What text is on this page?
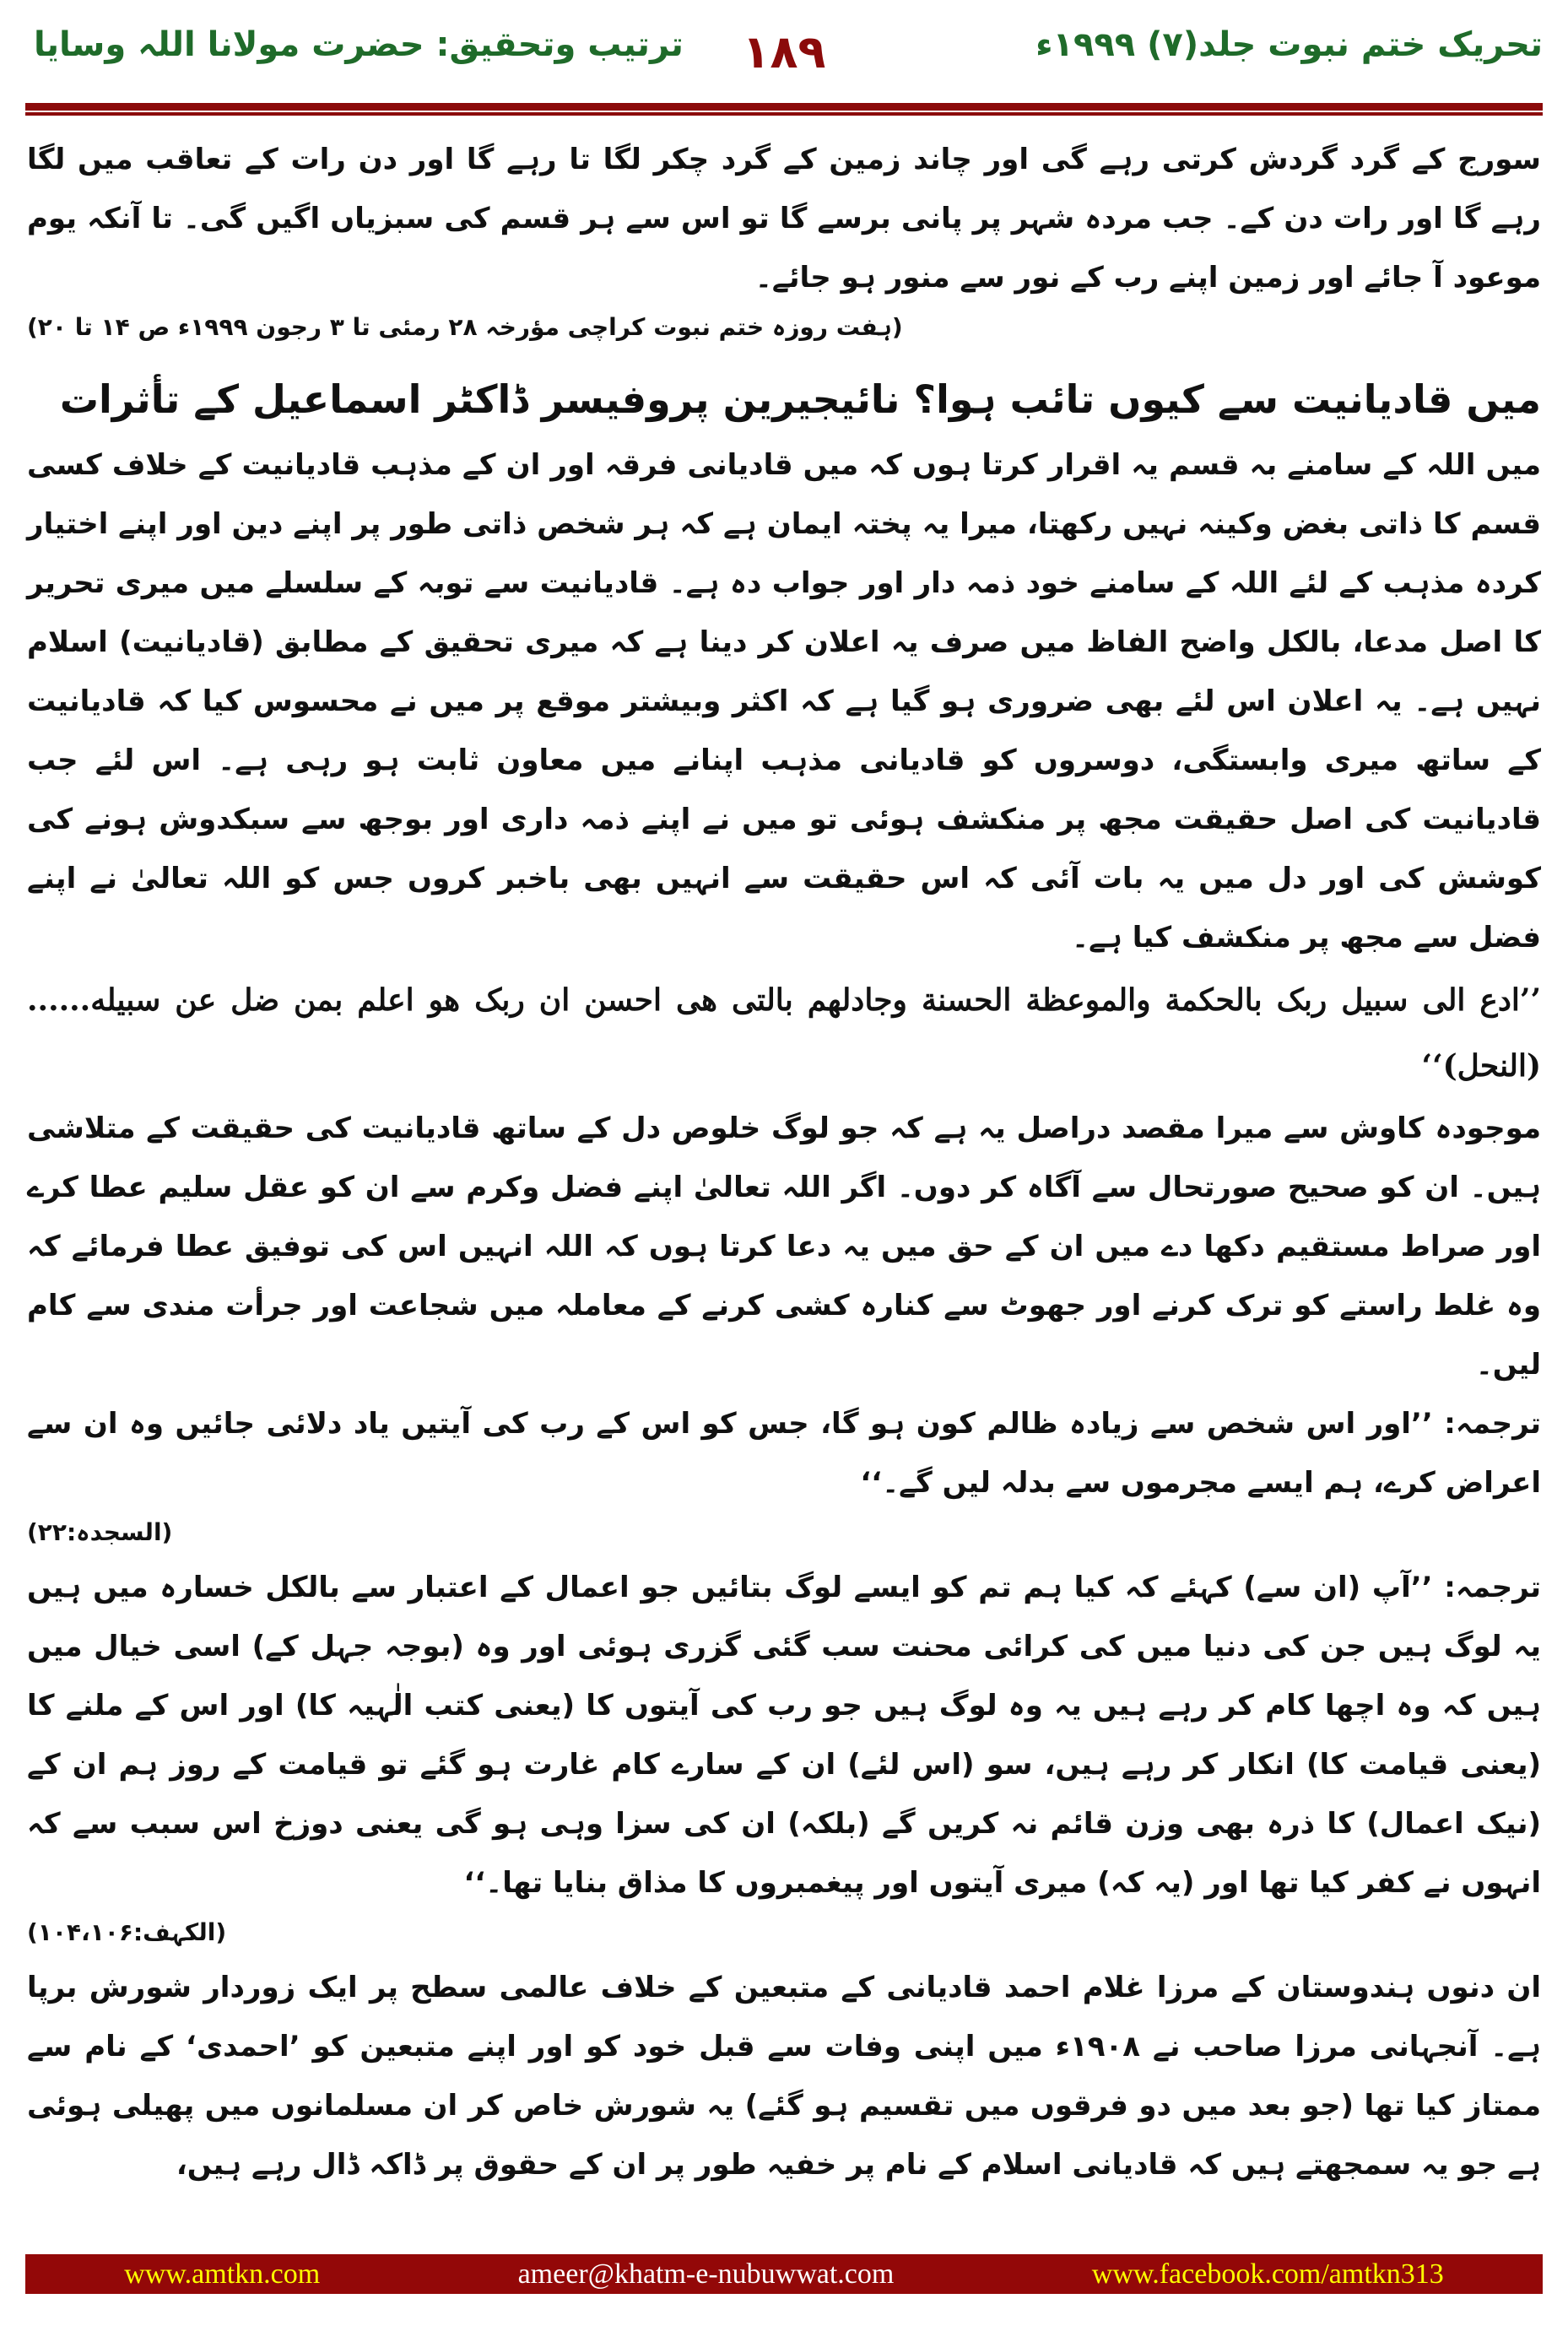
تحریک ختم نبوت جلد(۷) ۱۹۹۹ء
۱۸۹
ترتیب وتحقیق: حضرت مولانا اللہ وسایا

سورج کے گرد گردش کرتی رہے گی اور چاند زمین کے گرد چکر لگا تا رہے گا اور دن رات کے تعاقب میں لگا رہے گا اور رات دن کے۔ جب مردہ شہر پر پانی برسے گا تو اس سے ہر قسم کی سبزیاں اگیں گی۔ تا آنکہ یوم موعود آ جائے اور زمین اپنے رب کے نور سے منور ہو جائے۔

(ہفت روزہ ختم نبوت کراچی مؤرخہ ۲۸ رمئی تا ۳ رجون ۱۹۹۹ء ص ۱۴ تا ۲۰)

میں قادیانیت سے کیوں تائب ہوا؟ نائیجیرین پروفیسر ڈاکٹر اسماعیل کے تأثرات

میں اللہ کے سامنے بہ قسم یہ اقرار کرتا ہوں کہ میں قادیانی فرقہ اور ان کے مذہب قادیانیت کے خلاف کسی قسم کا ذاتی بغض وکینہ نہیں رکھتا، میرا یہ پختہ ایمان ہے کہ ہر شخص ذاتی طور پر اپنے دین اور اپنے اختیار کردہ مذہب کے لئے اللہ کے سامنے خود ذمہ دار اور جواب دہ ہے۔ قادیانیت سے توبہ کے سلسلے میں میری تحریر کا اصل مدعا، بالکل واضح الفاظ میں صرف یہ اعلان کر دینا ہے کہ میری تحقیق کے مطابق (قادیانیت) اسلام نہیں ہے۔ یہ اعلان اس لئے بھی ضروری ہو گیا ہے کہ اکثر وبیشتر موقع پر میں نے محسوس کیا کہ قادیانیت کے ساتھ میری وابستگی، دوسروں کو قادیانی مذہب اپنانے میں معاون ثابت ہو رہی ہے۔ اس لئے جب قادیانیت کی اصل حقیقت مجھ پر منکشف ہوئی تو میں نے اپنے ذمہ داری اور بوجھ سے سبکدوش ہونے کی کوشش کی اور دل میں یہ بات آئی کہ اس حقیقت سے انہیں بھی باخبر کروں جس کو اللہ تعالیٰ نے اپنے فضل سے مجھ پر منکشف کیا ہے۔

’’ادع الی سبیل ربک بالحکمة والموعظة الحسنة وجادلهم بالتی هی احسن ان ربک هو اعلم بمن ضل عن سبیله...... (النحل)‘‘

موجودہ کاوش سے میرا مقصد دراصل یہ ہے کہ جو لوگ خلوص دل کے ساتھ قادیانیت کی حقیقت کے متلاشی ہیں۔ ان کو صحیح صورتحال سے آگاہ کر دوں۔ اگر اللہ تعالیٰ اپنے فضل وکرم سے ان کو عقل سلیم عطا کرے اور صراط مستقیم دکھا دے میں ان کے حق میں یہ دعا کرتا ہوں کہ اللہ انہیں اس کی توفیق عطا فرمائے کہ وہ غلط راستے کو ترک کرنے اور جھوٹ سے کنارہ کشی کرنے کے معاملہ میں شجاعت اور جرأت مندی سے کام لیں۔

ترجمہ: ’’اور اس شخص سے زیادہ ظالم کون ہو گا، جس کو اس کے رب کی آیتیں یاد دلائی جائیں وہ ان سے اعراض کرے، ہم ایسے مجرموں سے بدلہ لیں گے۔‘‘

(السجدہ:۲۲)

ترجمہ: ’’آپ (ان سے) کہئے کہ کیا ہم تم کو ایسے لوگ بتائیں جو اعمال کے اعتبار سے بالکل خسارہ میں ہیں یہ لوگ ہیں جن کی دنیا میں کی کرائی محنت سب گئی گزری ہوئی اور وہ (بوجہ جہل کے) اسی خیال میں ہیں کہ وہ اچھا کام کر رہے ہیں یہ وہ لوگ ہیں جو رب کی آیتوں کا (یعنی کتب الٰہیہ کا) اور اس کے ملنے کا (یعنی قیامت کا) انکار کر رہے ہیں، سو (اس لئے) ان کے سارے کام غارت ہو گئے تو قیامت کے روز ہم ان کے (نیک اعمال) کا ذرہ بھی وزن قائم نہ کریں گے (بلکہ) ان کی سزا وہی ہو گی یعنی دوزخ اس سبب سے کہ انہوں نے کفر کیا تھا اور (یہ کہ) میری آیتوں اور پیغمبروں کا مذاق بنایا تھا۔‘‘

(الکہف:۱۰۴،۱۰۶)

ان دنوں ہندوستان کے مرزا غلام احمد قادیانی کے متبعین کے خلاف عالمی سطح پر ایک زوردار شورش برپا ہے۔ آنجہانی مرزا صاحب نے ۱۹۰۸ء میں اپنی وفات سے قبل خود کو اور اپنے متبعین کو ’احمدی‘ کے نام سے ممتاز کیا تھا (جو بعد میں دو فرقوں میں تقسیم ہو گئے) یہ شورش خاص کر ان مسلمانوں میں پھیلی ہوئی ہے جو یہ سمجھتے ہیں کہ قادیانی اسلام کے نام پر خفیہ طور پر ان کے حقوق پر ڈاکہ ڈال رہے ہیں،

www.amtkn.com	ameer@khatm-e-nubuwwat.com	www.facebook.com/amtkn313
